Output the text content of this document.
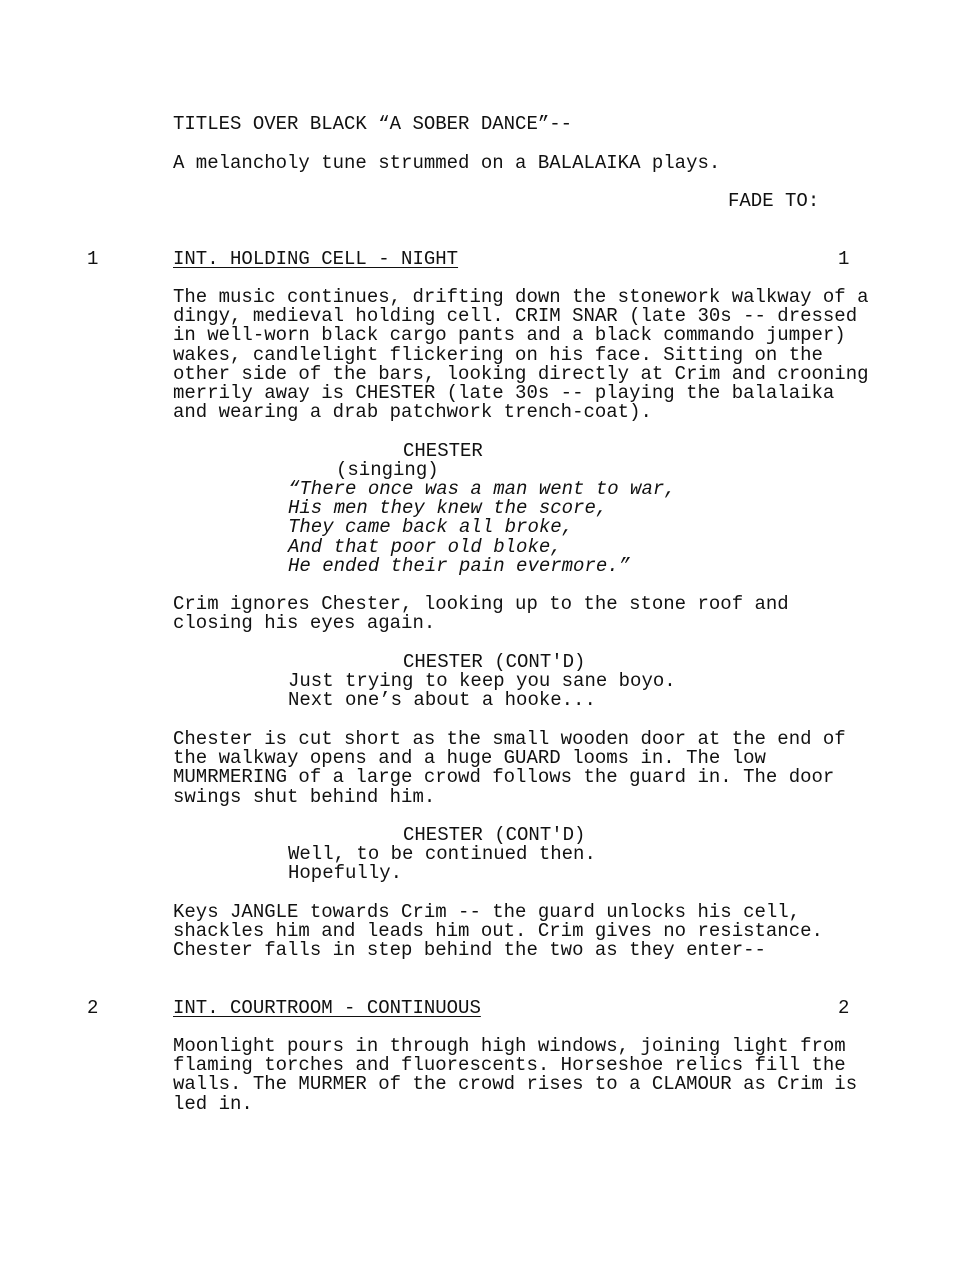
TITLES OVER BLACK “A SOBER DANCE”--
A melancholy tune strummed on a BALALAIKA plays.
FADE TO:
1	INT. HOLDING CELL - NIGHT	1
The music continues, drifting down the stonework walkway of a
dingy, medieval holding cell. CRIM SNAR (late 30s -- dressed
in well-worn black cargo pants and a black commando jumper)
wakes, candlelight flickering on his face. Sitting on the
other side of the bars, looking directly at Crim and crooning
merrily away is CHESTER (late 30s -- playing the balalaika
and wearing a drab patchwork trench-coat).
CHESTER
(singing)
“There once was a man went to war,
His men they knew the score,
They came back all broke,
And that poor old bloke,
He ended their pain evermore.”
Crim ignores Chester, looking up to the stone roof and
closing his eyes again.
CHESTER (CONT'D)
Just trying to keep you sane boyo.
Next one’s about a hooke...
Chester is cut short as the small wooden door at the end of
the walkway opens and a huge GUARD looms in. The low
MUMRMERING of a large crowd follows the guard in. The door
swings shut behind him.
CHESTER (CONT'D)
Well, to be continued then.
Hopefully.
Keys JANGLE towards Crim -- the guard unlocks his cell,
shackles him and leads him out. Crim gives no resistance.
Chester falls in step behind the two as they enter--
2	INT. COURTROOM - CONTINUOUS	2
Moonlight pours in through high windows, joining light from
flaming torches and fluorescents. Horseshoe relics fill the
walls. The MURMER of the crowd rises to a CLAMOUR as Crim is
led in.
